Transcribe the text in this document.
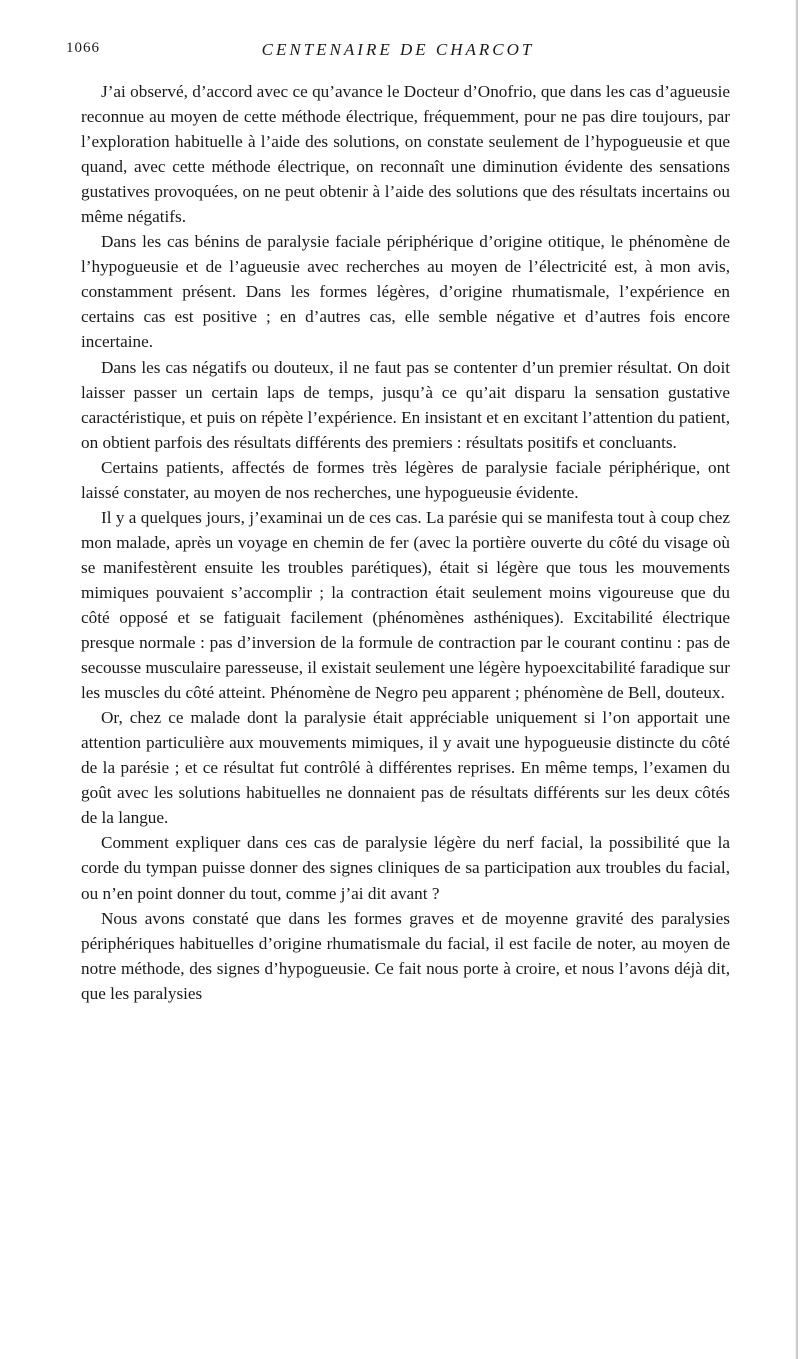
1066	CENTENAIRE DE CHARCOT

J’ai observé, d’accord avec ce qu’avance le Docteur d’Onofrio, que dans les cas d’agueusie reconnue au moyen de cette méthode électrique, fréquemment, pour ne pas dire toujours, par l’exploration habituelle à l’aide des solutions, on constate seulement de l’hypogueusie et que quand, avec cette méthode électrique, on reconnaît une diminution évidente des sensations gustatives provoquées, on ne peut obtenir à l’aide des solutions que des résultats incertains ou même négatifs.

Dans les cas bénins de paralysie faciale périphérique d’origine otitique, le phénomène de l’hypogueusie et de l’agueusie avec recherches au moyen de l’électricité est, à mon avis, constamment présent. Dans les formes légères, d’origine rhumatismale, l’expérience en certains cas est positive ; en d’autres cas, elle semble négative et d’autres fois encore incertaine.

Dans les cas négatifs ou douteux, il ne faut pas se contenter d’un premier résultat. On doit laisser passer un certain laps de temps, jusqu’à ce qu’ait disparu la sensation gustative caractéristique, et puis on répète l’expérience. En insistant et en excitant l’attention du patient, on obtient parfois des résultats différents des premiers : résultats positifs et concluants.

Certains patients, affectés de formes très légères de paralysie faciale périphérique, ont laissé constater, au moyen de nos recherches, une hypogueusie évidente.

Il y a quelques jours, j’examinai un de ces cas. La parésie qui se manifesta tout à coup chez mon malade, après un voyage en chemin de fer (avec la portière ouverte du côté du visage où se manifestèrent ensuite les troubles parétiques), était si légère que tous les mouvements mimiques pouvaient s’accomplir ; la contraction était seulement moins vigoureuse que du côté opposé et se fatiguait facilement (phénomènes asthéniques). Excitabilité électrique presque normale : pas d’inversion de la formule de contraction par le courant continu : pas de secousse musculaire paresseuse, il existait seulement une légère hypoexcitabilité faradique sur les muscles du côté atteint. Phénomène de Negro peu apparent ; phénomène de Bell, douteux.

Or, chez ce malade dont la paralysie était appréciable uniquement si l’on apportait une attention particulière aux mouvements mimiques, il y avait une hypogueusie distincte du côté de la parésie ; et ce résultat fut contrôlé à différentes reprises. En même temps, l’examen du goût avec les solutions habituelles ne donnaient pas de résultats différents sur les deux côtés de la langue.

Comment expliquer dans ces cas de paralysie légère du nerf facial, la possibilité que la corde du tympan puisse donner des signes cliniques de sa participation aux troubles du facial, ou n’en point donner du tout, comme j’ai dit avant ?

Nous avons constaté que dans les formes graves et de moyenne gravité des paralysies périphériques habituelles d’origine rhumatismale du facial, il est facile de noter, au moyen de notre méthode, des signes d’hypogueusie. Ce fait nous porte à croire, et nous l’avons déjà dit, que les paralysies
